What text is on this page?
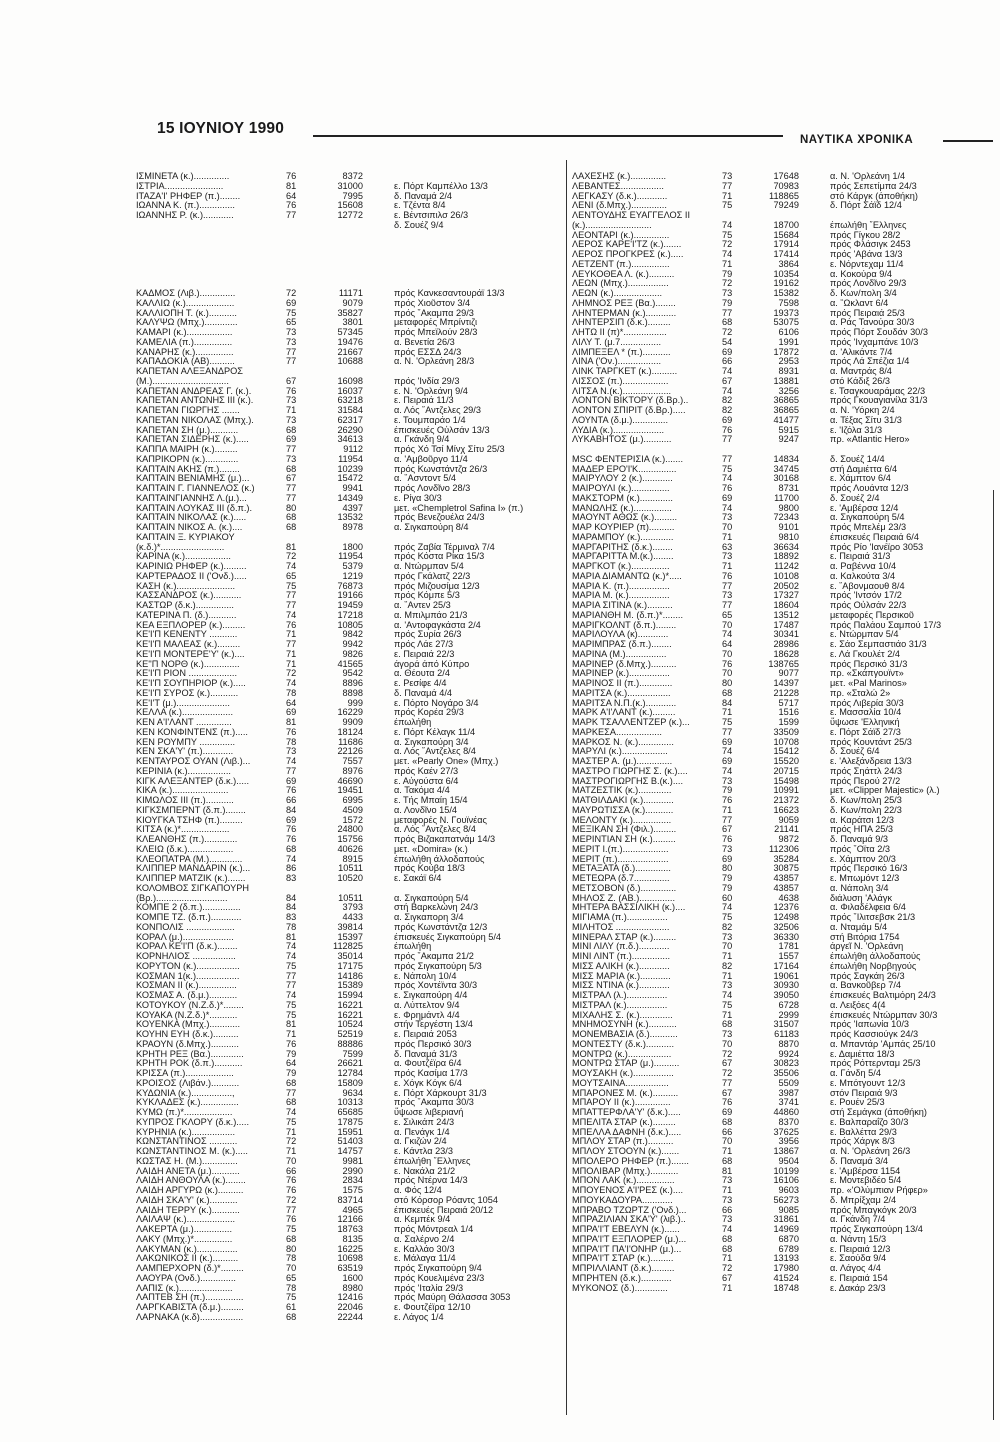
15 ΙΟΥΝΙΟΥ 1990
ΝΑΥΤΙΚΑ ΧΡΟΝΙΚΑ
ΙΣΜΙΝΕΤΑ (κ.)..............	76	8372
ΙΣΤΡΙΑ.......................	81	31000	ε. Πόρτ Καμπέλλο 13/3
ΙΤΑΖΑ'Ι' ΡΗΦΕΡ (π.)........	64	7995	δ. Παναμά 2/4
ΙΩΑΝΝΑ Κ. (π.)..............	76	15608	ε. Τζέντα 8/4
ΙΩΑΝΝΗΣ Ρ. (κ.)............	77	12772	ε. Βέντσιπιλσ 26/3
δ. Σουέζ 9/4
ΚΑΔΜΟΣ (Λιβ.)..............	72	11171	πρός Κανκεσαντουράϊ 13/3
ΚΑΛΛΙΩ (κ.)...................	69	9079	πρός Χιοῦστον 3/4
ΚΑΛΛΙΟΠΗ Τ. (κ.)...........	75	35827	πρός ῎Ακαμπα 29/3
ΚΑΛΥΨΩ (Μπχ.).............	65	3801	μεταφορές Μπρίντιζι
ΚΑΜΑΡΙ (κ.)..................	73	57345	πρός Μπεϊλούν 28/3
ΚΑΜΕΛΙΑ (π.)...............	73	19476	α. Βενετία 26/3
ΚΑΝΑΡΗΣ (κ.)...............	77	21667	πρός ΕΣΣΔ 24/3
ΚΑΠΑΔΟΚΙΑ (ΑΒ)..........	77	10688	α. Ν. 'Ορλεάνη 28/3
ΚΑΠΕΤΑΝ ΑΛΕΞΑΝΔΡΟΣ
(Μ.)..............................	67	16098	πρός 'Ινδία 29/3
ΚΑΠΕΤΑΝ ΑΝΔΡΕΑΣ Γ. (κ.).	76	16037	ε. Ν. 'Ορλεάνη 9/4
ΚΑΠΕΤΑΝ ΑΝΤΩΝΗΣ ΙΙΙ (κ.).	73	63218	ε. Πειραιά 11/3
ΚΑΠΕΤΑΝ ΓΙΩΡΓΗΣ .......	71	31584	α. Λός ῎Αντζελες 29/3
ΚΑΠΕΤΑΝ ΝΙΚΟΛΑΣ (Μπχ.).	73	62317	ε. Τουμπαράο 1/4
ΚΑΠΕΤΑΝ ΣΗ (μ.)...........	68	26290	έπισκευές Οὐλσάν 13/3
ΚΑΠΕΤΑΝ ΣΙΔΕΡΗΣ (κ.).....	69	34613	α. Γκάνδη 9/4
ΚΑΠΠΑ ΜΑΙΡΗ (κ.).........	77	9112	πρός Χό Τσί Μίνχ Σίτυ 25/3
ΚΑΠΡΙΚΟΡΝ (κ.).............	73	11954	α. 'Αμβοῦργο 11/4
ΚΑΠΤΑΙΝ ΑΚΗΣ (π.)........	68	10239	πρός Κωνστάντζα 26/3
ΚΑΠΤΑΙΝ ΒΕΝΙΑΜΗΣ (μ.)...	67	15472	α. ῎Ασντοντ 5/4
ΚΑΠΤΑΙΝ Γ. ΓΙΑΝΝΕΛΟΣ (κ.)	77	9941	πρός Λονδῖνο 28/3
ΚΑΠΤΑΙΝΓΙΑΝΝΗΣ Λ.(μ.)...	77	14349	ε. Ρίγα 30/3
ΚΑΠΤΑΙΝ ΛΟΥΚΑΣ ΙΙΙ (δ.π.).	80	4397	μετ. «Chempletrol Safina I» (π.)
ΚΑΠΤΑΙΝ ΝΙΚΟΛΑΣ (κ.).....	68	13532	πρός Βενεζουέλα 24/3
ΚΑΠΤΑΙΝ ΝΙΚΟΣ Α. (κ.)....	68	8978	α. Σιγκαπούρη 8/4
ΚΑΠΤΑΙΝ Ξ. ΚΥΡΙΑΚΟΥ
(κ.δ.)*.........................	81	1800	πρός Ζαβία Τέρμιναλ 7/4
ΚΑΡΙΝΑ (κ.)..................	72	11954	πρός Κόστα Ρίκα 15/3
ΚΑΡΙΝΙΩ ΡΗΦΕΡ (κ.).........	74	5379	α. Ντώρμπαν 5/4
ΚΑΡΤΕΡΑΔΟΣ ΙΙ ('Ονδ.).....	65	1219	πρός Γκάλατζ 22/3
ΚΑΣΗ (κ.).......................	75	76873	πρός Μιζουσίμα 12/3
ΚΑΣΣΑΝΔΡΟΣ (κ.)...........	77	19166	πρός Κόμπε 5/3
ΚΑΣΤΩΡ (δ.κ.)...............	77	19459	α. ῎Αντεν 25/3
ΚΑΤΕΡΙΝΑ Π. (δ.)...........	74	17218	α. Μπιλμπάο 21/3
ΚΕΑ ΕΞΠΛΟΡΕΡ (κ.).........	76	10805	α. 'Αντοφαγκάστα 2/4
ΚΕ'Ι'Π ΚΕΝΕΝΤΥ ...........	71	9842	πρός Συρία 26/3
ΚΕ'Ι'Π ΜΑΛΕΑΣ (κ.).........	77	9942	πρός Λάε 27/3
ΚΕ'Ι'Π ΜΟΝΤΕΡΕ'Υ' (κ.)....	71	9826	ε. Πειραιά 22/3
ΚΕ''Π ΝΟΡΘ (κ.)..............	71	41565	άγορά άπό Κύπρο
ΚΕ'Ι'Π ΡΙΟΝ ...................	72	9542	α. Θέουτα 2/4
ΚΕ'Ι'Π ΣΟΥΠΗΡΙΟΡ (κ.).....	74	8896	ε. Ρεσίφε 4/4
ΚΕ'Ι'Π ΣΥΡΟΣ (κ.)...........	78	8898	δ. Παναμά 4/4
ΚΕ'Ι'Τ (μ.).....................	64	999	ε. Πόρτο Νογάρο 3/4
ΚΕΛΛΑ (κ.)....................	69	16229	πρός Κορέα 29/3
ΚΕΝ Α'Ι'ΛΑΝΤ ..............	81	9909	έπωλήθη
ΚΕΝ ΚΟΝΦΙΝΤΕΝΣ (π.).....	76	18124	ε. Πόρτ Κέλαγκ 11/4
ΚΕΝ ΡΟΥΜΠΥ ..............	78	11686	α. Σιγκαπούρη 3/4
ΚΕΝ ΣΚΑ'Υ' (π.)............	73	22126	α. Λός ῎Αντζελες 8/4
ΚΕΝΤΑΥΡΟΣ ΟΥΑΝ (Λιβ.)...	74	7557	μετ. «Pearly One» (Μπχ.)
ΚΕΡΙΝΙΑ (κ.).................	77	8976	πρός Καέν 27/3
ΚΙΓΚ ΑΛΕΞΑΝΤΕΡ (δ.κ.).....	69	46690	ε. Αὐγούστα 6/4
ΚΙΚΑ (κ.)......................	76	19451	α. Τακόμα 4/4
ΚΙΜΩΛΟΣ ΙΙΙ (π.)...........	66	6995	ε. Τής Μπαίη 15/4
ΚΙΓΚΣΜΠΕΡΝΤ (δ.π.)........	84	4509	α. Λονδῖνο 15/4
ΚΙΟΥΓΚΑ ΤΣΗΦ (π.).........	69	1572	μεταφορές Ν. Γουϊνέας
ΚΙΤΣΑ (κ.)*...................	76	24800	α. Λός ῎Αντζελες 8/4
ΚΛΕΑΝΘΗΣ (π.).............	76	15756	πρός Βιζακαπατνάμ 14/3
ΚΛΕΙΩ (δ.κ.)..................	68	40626	μετ. «Domira» (κ.)
ΚΛΕΟΠΑΤΡΑ (Μ.).............	74	8915	έπωλήθη άλλοδαπούς
ΚΛΙΠΠΕΡ ΜΑΝΔΑΡΙΝ (κ.)...	86	10511	πρός Κούβα 18/3
ΚΛΙΠΠΕΡ ΜΑΤΖΙΚ (κ.).......	83	10520	ε. Σακάϊ 6/4
ΚΟΛΟΜΒΟΣ ΣΙΓΚΑΠΟΥΡΗ
(Βρ.)............................	84	10511	α. Σιγκαπούρη 5/4
ΚΟΜΠΕ 2 (δ.π.)...............	84	3793	στή Βαρκελώνη 24/3
ΚΟΜΠΕ ΤΖ. (δ.π.)............	83	4433	α. Σιγκαπορη 3/4
ΚΟΝΠΟΛΙΣ ...................	78	39814	πρός Κωνστάντζα 12/3
ΚΟΡΑΛ (μ.)....................	81	15397	έπισκευές Σιγκαπούρη 5/4
ΚΟΡΑΛ ΚΕ'Ι'Π (δ.κ.)........	74	112825	έπωλήθη
ΚΟΡΝΗΛΙΟΣ .................	74	35014	πρός ῎Ακαμπα 21/2
ΚΟΡΥΤΟΝ (κ.).................	75	17175	πρός Σιγκαπούρη 5/3
ΚΟΣΜΑΝ 1(κ.).................	77	14186	ε. Νάπολη 10/4
ΚΟΣΜΑΝ ΙΙ (κ.)...............	77	15389	πρός Χοντέϊντα 30/3
ΚΟΣΜΑΣ Α. (δ.μ.)...........	74	15994	ε. Σιγκαπούρη 4/4
ΚΟΤΟΥΚΟΥ (Ν.Ζ.δ.)*........	75	16221	α. Λύττελτον 9/4
ΚΟΥΑΚΑ (Ν.Ζ.δ.)*...........	75	16221	ε. Φρημάντλ 4/4
ΚΟΥΕΝΚΑ (Μπχ.)............	81	10524	στήν Τεργέστη 13/4
ΚΟΥΗΝ ΕΥΗ (δ.κ.)..........	71	52519	ε. Πειραιά 2053
ΚΡΑΟΥΝ (δ.Μπχ.)...........	76	88886	πρός Περσικό 30/3
ΚΡΗΤΗ ΡΕΞ (Βα.).............	79	7599	δ. Παναμά 31/3
ΚΡΗΤΗ ΡΟΚ (δ.π.)...........	64	26621	α. Φουτζέϊρα 6/4
ΚΡΙΣΣΑ (π.)...................	79	12784	πρός Κασίμα 17/3
ΚΡΟΙΣΟΣ (Λιβάν.)...........	68	15809	ε. Χόγκ Κόγκ 6/4
ΚΥΔΩΝΙΑ (κ.)................,	77	9634	ε. Πόρτ Χάρκουρτ 31/3
ΚΥΚΛΑΔΕΣ (κ.)...............	68	10313	πρός ῎Ακαμπα 30/3
ΚΥΜΩ (π.)*...................	74	65685	ὕψωσε λιβεριανή
ΚΥΠΡΟΣ ΓΚΛΟΡΥ (δ.κ.).....	75	17875	ε. Σιλικάπ 24/3
ΚΥΡΗΝΙΑ (κ.).................	71	15951	α. Πενάγκ 1/4
ΚΩΝΣΤΑΝΤΙΝΟΣ ...........	72	51403	α. Γκιζών 2/4
ΚΩΝΣΤΑΝΤΙΝΟΣ Μ. (κ.).....	71	14757	ε. Κάντλα 23/3
ΚΩΣΤΑΣ Η. (Μ.)..............	70	9981	έπωλήθη ῞Ελληνες
ΛΑΙΔΗ ΑΝΕΤΑ (μ.)...........	66	2990	ε. Νακάλα 21/2
ΛΑΙΔΗ ΑΝΘΟΥΛΑ (κ.)........	76	2834	πρός Ντέρνα 14/3
ΛΑΙΔΗ ΑΡΓΥΡΩ (κ.)..........	76	1575	α. Φός 12/4
ΛΑΙΔΗ ΣΚΑ'Υ' (κ.)...........	72	83714	στό Κόρσορ Ρόαντς 1054
ΛΑΙΔΗ ΤΕΡΡΥ (κ.)...........	77	4965	έπισκευές Πειραιά 20/12
ΛΑΙΛΑΨ (κ.)...................	76	12166	α. Κεμπέκ 9/4
ΛΑΚΕΡΤΑ (μ.)...............	75	18763	πρός Μόντρεαλ 1/4
ΛΑΚΥ (Μπχ.)*...............	68	8135	α. Σαλέρνο 2/4
ΛΑΚΥΜΑΝ (κ.)................	80	16225	ε. Καλλάο 30/3
ΛΑΚΩΝΙΚΟΣ ΙΙ (κ.)..........	78	10698	ε. Μάλαγα 11/4
ΛΑΜΠΕΡΧΟΡΝ (δ.)*.........	70	63519	πρός Σιγκαπούρη 9/4
ΛΑΟΥΡΑ (Ονδ.)..............	65	1600	πρός Κουελιμένα 23/3
ΛΑΠΙΣ (κ.).....................	78	8980	πρός 'Ιταλία 29/3
ΛΑΠΤΕΒ ΣΗ (π.)...............	75	12416	πρός Μαύρη Θάλασσα 3053
ΛΑΡΓΚΑΒΙΣΤΑ (δ.μ.).........	61	22046	ε. Φουτζέϊρα 12/10
ΛΑΡΝΑΚΑ (κ.δ).................	68	22244	ε. Λάγος 1/4
ΛΑΧΕΣΗΣ (κ.)..............	73	17648	α. Ν. 'Ορλεάνη 1/4
ΛΕΒΑΝΤΕΣ.................	77	70983	πρός Σεπετίμπα 24/3
ΛΕΓΚΑΣΥ (δ.κ.)............	71	118865	στό Κάργκ (άποθήκη)
ΛΕΝΙ (δ.Μπχ.)..............	75	79249	δ. Πόρτ Σάϊδ 12/4
ΛΕΝΤΟΥΔΗΣ ΕΥΑΓΓΕΛΟΣ ΙΙ
(κ.)..........................	74	18700	έπωλήθη ῞Ελληνες
ΛΕΟΝΤΑΡΙ (κ.)..............	75	15684	πρός Γίγκου 28/2
ΛΕΡΟΣ ΚΑΡΕ'Ι'ΤΖ (κ.).......	72	17914	πρός Φλάσιγκ 2453
ΛΕΡΟΣ ΠΡΟΓΚΡΕΣ (κ.).....	74	17414	πρός 'Αβάνα 13/3
ΛΕΤΖΕΝΤ (π.)...............	71	3864	ε. Νόρντεχαμ 11/4
ΛΕΥΚΟΘΕΑ Λ. (κ.)..........	79	10354	α. Κοκούρα 9/4
ΛΕΩΝ (Μπχ.)................	72	19162	πρός Λονδῖνο 29/3
ΛΕΩΝ (κ.)...................	73	15382	δ. Κων/πολη 3/4
ΛΗΜΝΟΣ ΡΕΞ (Βα.)........	79	7598	α. ῍Ωκλαντ 6/4
ΛΗΝΤΕΡΜΑΝ (κ.)............	77	19373	πρός Πειραιά 25/3
ΛΗΝΤΕΡΣΙΠ (δ.κ.).........	68	53075	α. Ράς Τανούρα 30/3
ΛΗΤΩ ΙΙ (π)*.................	72	6106	πρός Πόρτ Σουδάν 30/3
ΛΙΛΥ Τ. (μ.7................	54	1991	πρός 'Ινχαμπάνε 10/3
ΛΙΜΠΕΞΕΛ * (π.)...........	69	17872	α. 'Αλικάντε 7/4
ΛΙΝΑ ('Ον.).................	66	2953	πρός Λά Σπέζια 1/4
ΛΙΝΚ ΤΑΡΓΚΕΤ (κ.)..........	74	8931	α. Μαντράς 8/4
ΛΙΣΣΟΣ (π.)..................	67	13881	στό Κάδιξ 26/3
ΛΙΤΣΑ Ν.(κ.)...................	74	3256	ε. Τσαγκουαράμας 22/3
ΛΟΝΤΟΝ ΒΙΚΤΟΡΥ (δ.Βρ.)..	82	36865	πρός Γκουαγιανίλα 31/3
ΛΟΝΤΟΝ ΣΠΙΡΙΤ (δ.Βρ.).....	82	36865	α. Ν. 'Υόρκη 2/4
ΛΟΥΝΤΑ (δ.μ.)..............	69	41477	α. Τέξας Σίτυ 31/3
ΛΥΔΙΑ (κ.)....................	76	5915	ε. 'Ιζόλα 31/3
ΛΥΚΑΒΗΤΟΣ (μ.)...........	77	9247	πρ. «Atlantic Hero»
MSC ΦΕΝΤΕΡΙΣΙΑ (κ.).......	77	14834	δ. Σουέζ 14/4
ΜΑΔΕΡ ΕΡΟ'Ι'Κ...............	75	34745	στή Δαμιέττα 6/4
ΜΑΙΡΥΛΟΥ 2 (κ.)............	74	30168	ε. Χάμπτον 6/4
ΜΑΙΡΟΥΛΙ (κ.)...............	76	8731	πρός Λουάντα 12/3
ΜΑΚΣΤΟΡΜ (κ.).............	69	11700	δ. Σουέζ 2/4
ΜΑΝΩΛΗΣ (κ.)...............	74	9800	ε. 'Αμβέρσα 12/4
ΜΑΟΥΝΤ ΑΘΩΣ (κ.).........	73	72343	α. Σιγκαπούρη 5/4
ΜΑΡ ΚΟΥΡΙΕΡ (π)..........	70	9101	πρός Μπελέμ 23/3
ΜΑΡΑΜΠΟΥ (κ.).............	71	9810	έπισκευές Πειραιά 6/4
ΜΑΡΓΑΡΙΤΗΣ (δ.κ.)........	63	36634	πρός Ρίο 'Ιανέϊρο 3053
ΜΑΡΓΑΡΙΤΤΑ Μ.(κ.)........	73	18892	ε. Πειραιά 31/3
ΜΑΡΓΚΟΤ (κ.)...............	71	11242	α. Ραβέννα 10/4
ΜΑΡΙΑ ΔΙΑΜΑΝΤΩ (κ.)*.....	76	10108	α. Καλκούτα 3/4
ΜΑΡΙΑ Κ. (π.)................	77	20502	ε. ῎Αβονμαουθ 8/4
ΜΑΡΙΑ Μ. (κ.)................	73	17327	πρός 'Ιντσόν 17/2
ΜΑΡΙΑ ΣΙΤΙΝΑ (κ.)..........	77	18604	πρός Οὐλσάν 22/3
ΜΑΡΙΑΝΘΗ Μ. (δ.π.)*........	65	13512	μεταφορές Περσικοῦ
ΜΑΡΙΓΚΟΛΝΤ (δ.π.)........	70	17487	πρός Παλάου Σαμπού 17/3
ΜΑΡΙΛΟΥΛΑ (κ)............	74	30341	ε. Ντώρμπαν 5/4
ΜΑΡΙΜΠΡΑΣ (δ.π.)........	64	28986	ε. Σάο Σεμπαστιάο 31/3
ΜΑΡΙΝΑ (Μ.)................	70	18628	ε. Λά Γκουλέτ 2/4
ΜΑΡΙΝΕΡ (δ.Μπχ.)..........	76	138765	πρός Περσικό 31/3
ΜΑΡΙΝΕΡ (κ.)................	70	9077	πρ. «Σκάπγουϊντ»
ΜΑΡΙΝΟΣ ΙΙ (π.).............	80	14397	μετ. «Pal Marinos»
ΜΑΡΙΤΣΑ (κ.).................	68	21228	πρ. «Σταλώ 2»
ΜΑΡΙΤΣΑ Ν.Π.(κ.)............	84	5717	πρός Λιβερία 30/3
ΜΑΡΚ Α'Ι'ΛΑΝΤ (κ.).........	71	1516	ε. Μασσαλία 10/4
ΜΑΡΚ ΤΣΑΛΛΕΝΤΖΕΡ (κ.)...	75	1599	ὕψωσε 'Ελληνική
ΜΑΡΚΕΣΑ..................	77	33509	ε. Πόρτ Σάϊδ 27/3
ΜΑΡΚΟΣ Ν. (κ.)..............	69	10708	πρός Κουντάντ 25/3
ΜΑΡΥΛΙ (κ.)..................	74	15412	δ. Σουέζ 6/4
ΜΑΣΤΕΡ Α. (μ.)..............	69	15520	ε. 'Αλεξάνδρεια 13/3
ΜΑΣΤΡΟ ΓΙΩΡΓΗΣ Σ. (κ.)....	74	20715	πρός Σηάττλ 24/3
ΜΑΣΤΡΟΓΙΩΡΓΗΣ Β.(κ.)....	73	15498	πρός Περού 27/2
ΜΑΤΖΕΣΤΙΚ (κ.).............	79	10991	μετ. «Clipper Majestic» (λ.)
ΜΑΤΘΙΛΔΑΚΙ (κ.)............	76	21372	δ. Κων/πολη 25/3
ΜΑΥΡΩΤΙΣΣΑ (κ.)...........	71	16623	δ. Κων/πολη 22/3
ΜΕΛΟΝΤΥ (κ.)...............	77	9059	α. Καράτσι 12/3
ΜΕΞΙΚΑΝ ΣΗ (Φιλ.).........	67	21141	πρός ΗΠΑ 25/3
ΜΕΡΙΝΤΙΑΝ ΣΗ (κ.).........	76	9872	δ. Παναμά 9/3
ΜΕΡΙΤ Ι.(π.)..................	73	112306	πρός ῎Οϊτα 2/3
ΜΕΡΙΤ (π.)....................	69	35284	ε. Χάμπτον 20/3
ΜΕΤΑΞΑΤΑ (δ.)..............	80	30875	πρός Περσικό 16/3
ΜΕΤΕΩΡΑ (δ.7..............	79	43857	ε. Μπωμόντ 12/3
ΜΕΤΣΟΒΟΝ (δ.)..............	79	43857	α. Νάπολη 3/4
ΜΗΛΟΣ Ζ. (ΑΒ.)..............	60	4638	διάλυση 'Αλάγκ
ΜΗΤΕΡΑ ΒΑΣΣΙΛΙΚΗ (κ.)....	74	12376	α. Φιλαδέλφεια 6/4
ΜΙΓΙΑΜΑ (π.)................	75	12498	πρός ῎Ιλιτσεβσκ 21/3
ΜΙΛΗΤΟΣ .....................	82	32506	α. Νταμάμ 5/4
ΜΙΝΕΡΑΛ ΣΤΑΡ (κ.).........	73	36330	στή Βιτόρια 1754
ΜΙΝΙ ΛΙΛΥ (π.δ.)............	70	1781	άργεῖ Ν. 'Ορλεάνη
ΜΙΝΙ ΛΙΝΤ (π.)...............	71	1557	έπωλήθη άλλοδαπούς
ΜΙΣΣ ΑΛΙΚΗ (κ.)............	82	17164	έπωλήθη Νορβηγούς
ΜΙΣΣ ΜΑΡΙΑ (κ.)............	71	19061	πρός Σαγκάη 26/3
ΜΙΣΣ ΝΤΙΝΑ (κ.)............	73	30930	α. Βανκοῦβερ 7/4
ΜΙΣΤΡΑΛ (λ.)................	74	39050	έπισκευές Βαλτιμόρη 24/3
ΜΙΣΤΡΑΛ (κ.)................	75	6728	α. Λειξόες 4(4
ΜΙΧΑΛΗΣ Σ. (κ.).............	71	2999	έπισκευές Ντώρμπαν 30/3
ΜΝΗΜΟΣΥΝΗ (κ.)...........	68	31507	πρός 'Ιαπωνία 10/3
ΜΟΝΕΜΒΑΣΙΑ (δ.)...........	73	61183	πρός Κασσιούγκ 24/3
ΜΟΝΤΕΣΤΥ (δ.κ.)...........	70	8870	α. Μπαντάρ 'Αμπάς 25/10
ΜΟΝΤΡΩ (κ.).................	72	9924	ε. Δαμιέττα 18/3
ΜΟΝΤΡΩ ΣΤΑΡ (μ.)..........	67	30823	πρός Ρόττερνταμ 25/3
ΜΟΥΣΑΚΗ (κ.)................	72	35506	α. Γάνδη 5/4
ΜΟΥΤΣΑΙΝΑ.................	77	5509	ε. Μπότγουντ 12/3
ΜΠΑΡΟΝΕΣ Μ. (κ.)..........	67	3987	στόν Πειραιά 9/3
ΜΠΑΡΟΥ ΙΙ (κ.)..............	76	3741	ε. Ρουέν 25/3
ΜΠΑΤΤΕΡΦΛΑ'Υ' (δ.κ.).....	69	44860	στή Σεμάγκα (άποθήκη)
ΜΠΕΛΙΤΑ ΣΤΑΡ (κ.).........	68	8370	ε. Βαλπαραΐζο 30/3
ΜΠΕΛΛΑ ΔΑΦΝΗ (δ.κ.).....	66	37625	ε. Βαλλέττα 29/3
ΜΠΛΟΥ ΣΤΑΡ (π.)..........	70	3956	πρός Χάργκ 8/3
ΜΠΛΟΥ ΣΤΟΟΥΝ (κ.).......	71	13867	α. Ν. 'Ορλεάνη 26/3
ΜΠΟΛΕΡΟ ΡΗΦΕΡ (π.).......	68	9504	δ. Παναμά 3/4
ΜΠΟΛΙΒΑΡ (Μπχ.)...........	81	10199	ε. 'Αμβέρσα 1154
ΜΠΟΝ ΛΑΚ (κ.)...............	73	16106	ε. Μοντεβιδέο 5/4
ΜΠΟΥΕΝΟΣ Α'Ι'ΡΕΣ (κ.)....	71	9603	πρ. «'Ολύμπιαν Ρήφερ»
ΜΠΟΥΚΑΔΟΥΡΑ............	73	56273	δ. Μπρίξχαμ 2/4
ΜΠΡΑΒΟ ΤΖΩΡΤΖ ('Ονδ.)...	66	9085	πρός Μπαγκόγκ 20/3
ΜΠΡΑΖΙΛΙΑΝ ΣΚΑ'Υ' (λιβ.)..	73	31861	α. Γκάνδη 7/4
ΜΠΡΑ'Ι'Τ ΕΒΕΛΥΝ (κ.)......	74	14969	πρός Σιγκαπούρη 13/4
ΜΠΡΑ'Ι'Τ ΕΞΠΛΟΡΕΡ (μ.)...	68	6870	α. Νάντη 15/3
ΜΠΡΑ'Ι'Τ ΠΑ'Ι'ΟΝΗΡ (μ.)...	68	6789	ε. Πειραιά 12/3
ΜΠΡΑ'Ι'Τ ΣΤΑΡ (κ.).........	71	13193	ε. Σαούδα 9/4
ΜΠΡΙΛΛΙΑΝΤ (δ.κ.).........	72	17980	α. Λάγος 4/4
ΜΠΡΗΤΕΝ (δ.κ.)............	67	41524	ε. Πειραιά 154
ΜΥΚΟΝΟΣ (δ.).............	71	18748	ε. Δακάρ 23/3
